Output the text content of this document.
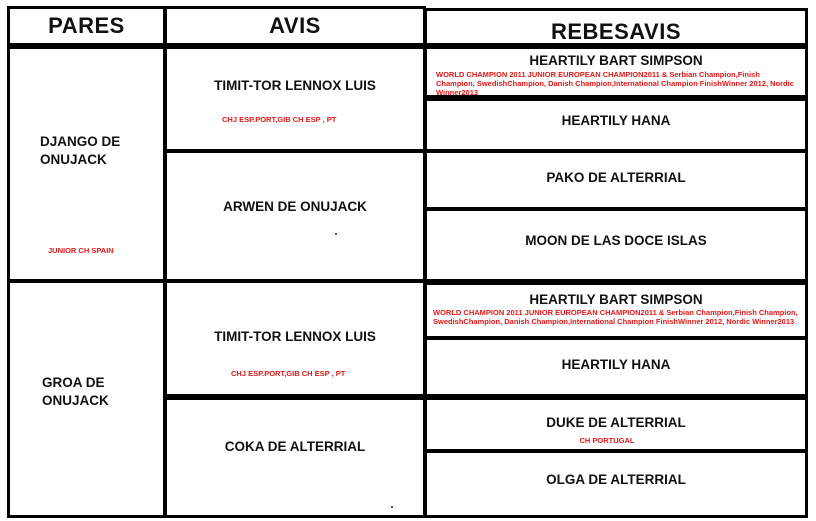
PARES	AVIS	REBESAVIS
DJANGO DE ONUJACK
JUNIOR CH SPAIN
GROA DE ONUJACK
TIMIT-TOR LENNOX LUIS
CHJ ESP.PORT,GIB CH ESP , PT
ARWEN DE ONUJACK
TIMIT-TOR LENNOX LUIS
CHJ ESP.PORT,GIB CH ESP , PT
COKA DE ALTERRIAL
HEARTILY BART SIMPSON
WORLD CHAMPION 2011 JUNIOR EUROPEAN CHAMPION2011 & Serbian Champion,Finish Champion, SwedishChampion, Danish Champion,International Champion FinishWinner 2012, Nordic Winner2013
HEARTILY HANA
PAKO DE ALTERRIAL
MOON DE LAS DOCE ISLAS
HEARTILY BART SIMPSON
WORLD CHAMPION 2011 JUNIOR EUROPEAN CHAMPION2011 & Serbian Champion,Finish Champion, SwedishChampion, Danish Champion,International Champion FinishWinner 2012, Nordic Winner2013
HEARTILY HANA
DUKE DE ALTERRIAL
CH PORTUGAL
OLGA DE ALTERRIAL
